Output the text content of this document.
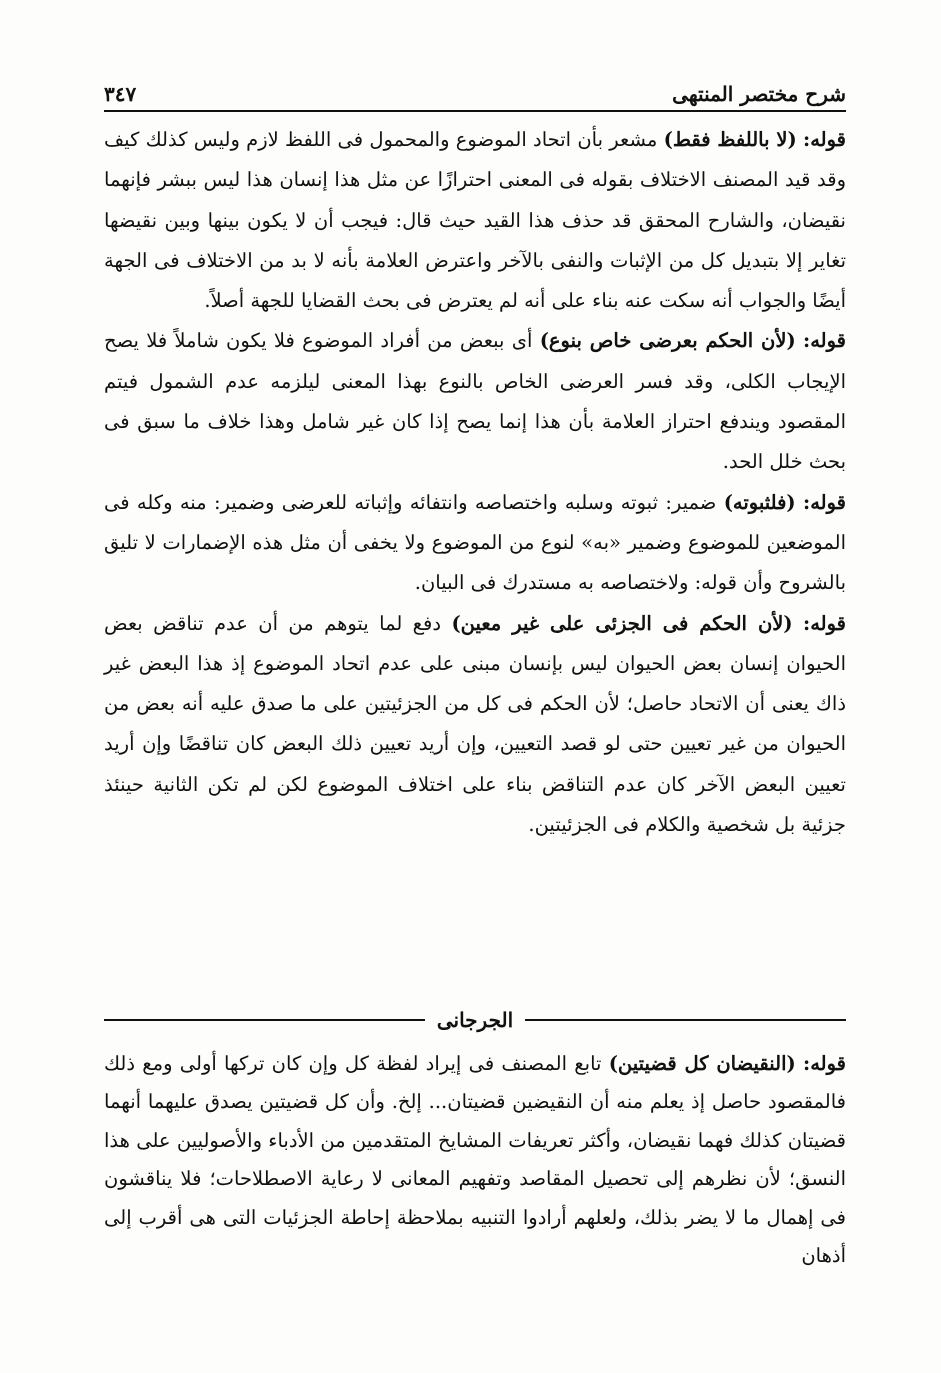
٣٤٧	شرح مختصر المنتهى

قوله: (لا باللفظ فقط) مشعر بأن اتحاد الموضوع والمحمول فى اللفظ لازم وليس كذلك كيف وقد قيد المصنف الاختلاف بقوله فى المعنى احترازًا عن مثل هذا إنسان هذا ليس ببشر فإنهما نقيضان، والشارح المحقق قد حذف هذا القيد حيث قال: فيجب أن لا يكون بينها وبين نقيضها تغاير إلا بتبديل كل من الإثبات والنفى بالآخر واعترض العلامة بأنه لا بد من الاختلاف فى الجهة أيضًا والجواب أنه سكت عنه بناء على أنه لم يعترض فى بحث القضايا للجهة أصلاً.

قوله: (لأن الحكم بعرضى خاص بنوع) أى ببعض من أفراد الموضوع فلا يكون شاملاً فلا يصح الإيجاب الكلى، وقد فسر العرضى الخاص بالنوع بهذا المعنى ليلزمه عدم الشمول فيتم المقصود ويندفع احتراز العلامة بأن هذا إنما يصح إذا كان غير شامل وهذا خلاف ما سبق فى بحث خلل الحد.

قوله: (فلثبوته) ضمير: ثبوته وسلبه واختصاصه وانتفائه وإثباته للعرضى وضمير: منه وكله فى الموضعين للموضوع وضمير «به» لنوع من الموضوع ولا يخفى أن مثل هذه الإضمارات لا تليق بالشروح وأن قوله: ولاختصاصه به مستدرك فى البيان.

قوله: (لأن الحكم فى الجزئى على غير معين) دفع لما يتوهم من أن عدم تناقض بعض الحيوان إنسان بعض الحيوان ليس بإنسان مبنى على عدم اتحاد الموضوع إذ هذا البعض غير ذاك يعنى أن الاتحاد حاصل؛ لأن الحكم فى كل من الجزئيتين على ما صدق عليه أنه بعض من الحيوان من غير تعيين حتى لو قصد التعيين، وإن أريد تعيين ذلك البعض كان تناقضًا وإن أريد تعيين البعض الآخر كان عدم التناقض بناء على اختلاف الموضوع لكن لم تكن الثانية حينئذ جزئية بل شخصية والكلام فى الجزئيتين.

الجرجانى

قوله: (النقيضان كل قضيتين) تابع المصنف فى إيراد لفظة كل وإن كان تركها أولى ومع ذلك فالمقصود حاصل إذ يعلم منه أن النقيضين قضيتان... إلخ. وأن كل قضيتين يصدق عليهما أنهما قضيتان كذلك فهما نقيضان، وأكثر تعريفات المشايخ المتقدمين من الأدباء والأصوليين على هذا النسق؛ لأن نظرهم إلى تحصيل المقاصد وتفهيم المعانى لا رعاية الاصطلاحات؛ فلا يناقشون فى إهمال ما لا يضر بذلك، ولعلهم أرادوا التنبيه بملاحظة إحاطة الجزئيات التى هى أقرب إلى أذهان
